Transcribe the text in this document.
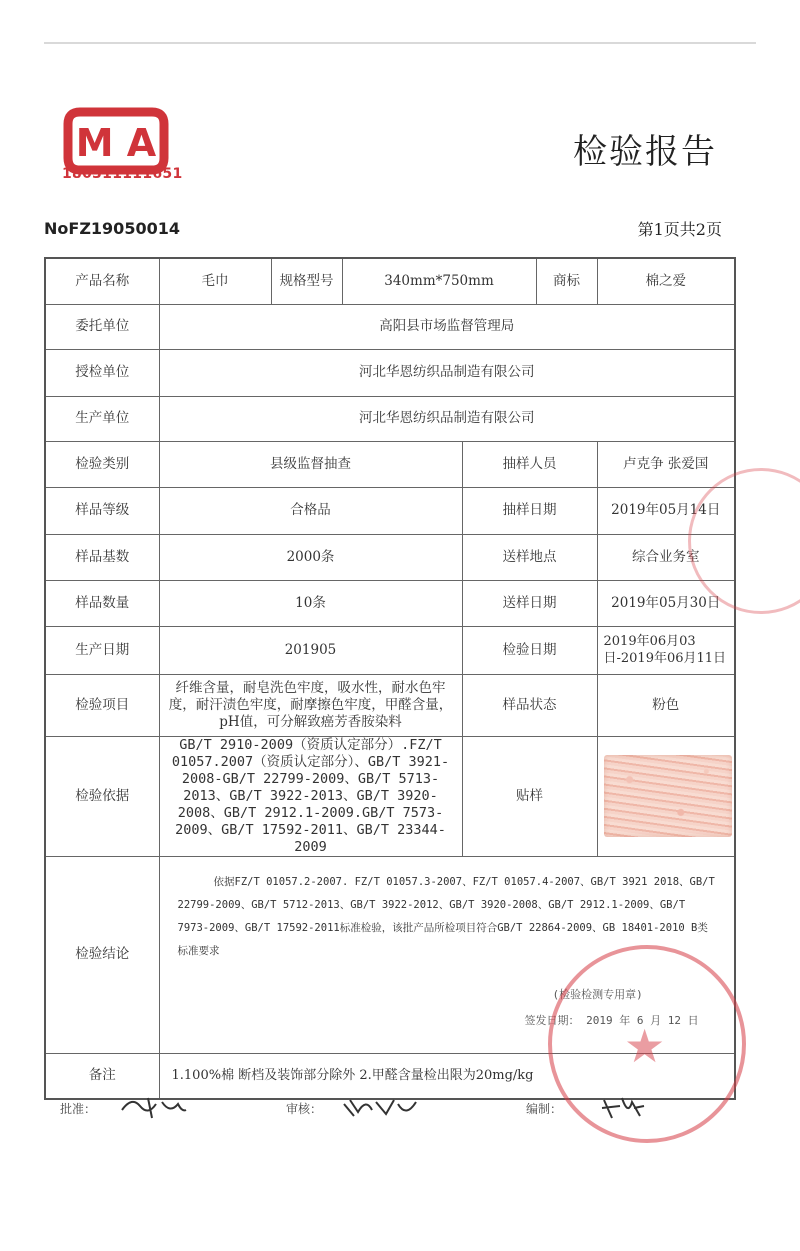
M A
180311111651
检验报告
NoFZ19050014	第1页共2页
产品名称	毛巾	规格型号	340mm*750mm		商标	棉之爱
委托单位	高阳县市场监督管理局					
授检单位	河北华恩纺织品制造有限公司					
生产单位	河北华恩纺织品制造有限公司					
检验类别	县级监督抽查			抽样人员		卢克争 张爱国
样品等级	合格品			抽样日期		2019年05月14日
样品基数	2000条			送样地点		综合业务室
样品数量	10条			送样日期		2019年05月30日
生产日期	201905			检验日期		2019年06月03日-2019年06月11日
检验项目	纤维含量，耐皂洗色牢度，吸水性，耐水色牢度，耐汗渍色牢度，耐摩擦色牢度，甲醛含量，pH值，可分解致癌芳香胺染料			样品状态		粉色
检验依据	GB/T 2910-2009（资质认定部分）.FZ/T 01057.2007（资质认定部分）、GB/T 3921-2008-GB/T 22799-2009、GB/T 5713-2013、GB/T 3922-2013、GB/T 3920-2008、GB/T 2912.1-2009.GB/T 7573-2009、GB/T 17592-2011、GB/T 23344-2009			贴样		

检验结论	依据FZ/T 01057.2-2007. FZ/T 01057.3-2007、FZ/T 01057.4-2007、GB/T 3921 2018、GB/T 22799-2009、GB/T 5712-2013、GB/T 3922-2012、GB/T 3920-2008、GB/T 2912.1-2009、GB/T 7973-2009、GB/T 17592-2011标准检验，该批产品所检项目符合GB/T 22864-2009、GB 18401-2010 B类标准要求
(检验检测专用章)
签发日期： 2019 年 6 月 12 日					

备注	1.100%棉 断档及装饰部分除外 2.甲醛含量检出限为20mg/kg					
★
批准：	审核：	编制：
